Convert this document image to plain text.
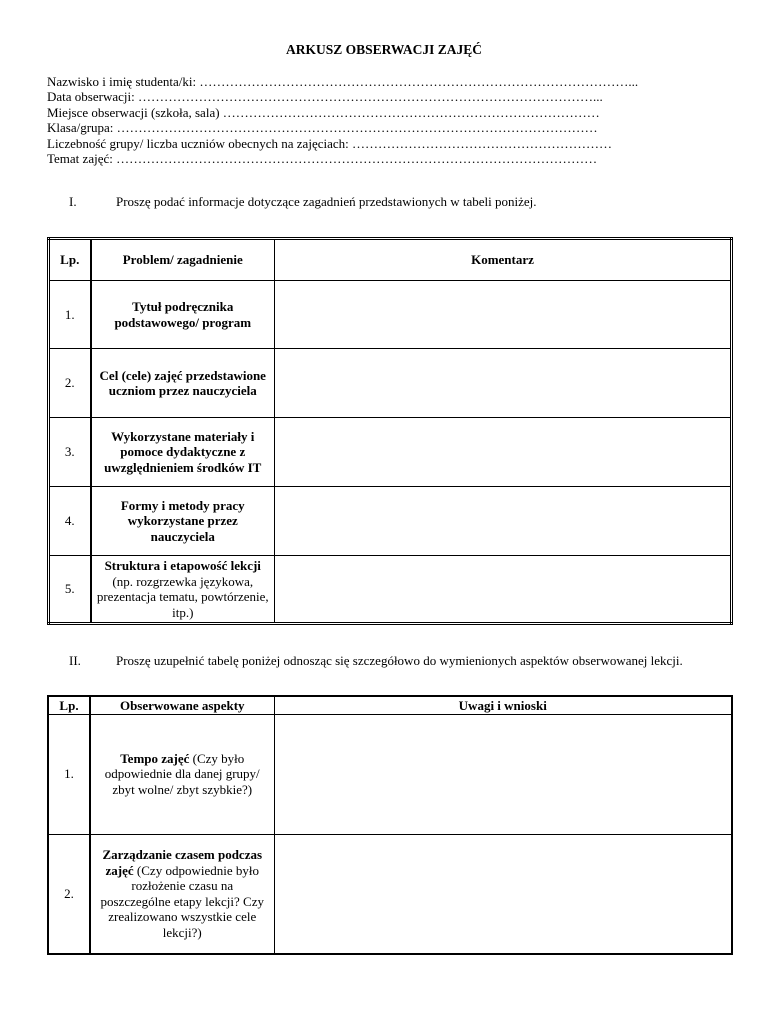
ARKUSZ OBSERWACJI ZAJĘĆ
Nazwisko i imię studenta/ki: ………………………………………………………………………………………...
Data obserwacji: ……………………………………………………………………………………………...
Miejsce obserwacji (szkoła, sala) ……………………………………………………………………………
Klasa/grupa: …………………………………………………………………………………………………
Liczebność grupy/ liczba uczniów obecnych na zajęciach: ……………………………………………………
Temat zajęć: …………………………………………………………………………………………………
I.	Proszę podać informacje dotyczące zagadnień przedstawionych w tabeli poniżej.
Lp.	Problem/ zagadnienie	Komentarz
1.	Tytuł podręcznika podstawowego/ program	
2.	Cel (cele) zajęć przedstawione uczniom przez nauczyciela	
3.	Wykorzystane materiały i pomoce dydaktyczne z uwzględnieniem środków IT	
4.	Formy i metody pracy wykorzystane przez nauczyciela	
5.	Struktura i etapowość lekcji (np. rozgrzewka językowa, prezentacja tematu, powtórzenie, itp.)	
II.	Proszę uzupełnić tabelę poniżej odnosząc się szczegółowo do wymienionych aspektów obserwowanej lekcji.
Lp.	Obserwowane aspekty	Uwagi i wnioski
1.	Tempo zajęć (Czy było odpowiednie dla danej grupy/ zbyt wolne/ zbyt szybkie?)	
2.	Zarządzanie czasem podczas zajęć (Czy odpowiednie było rozłożenie czasu na poszczególne etapy lekcji? Czy zrealizowano wszystkie cele lekcji?)	
